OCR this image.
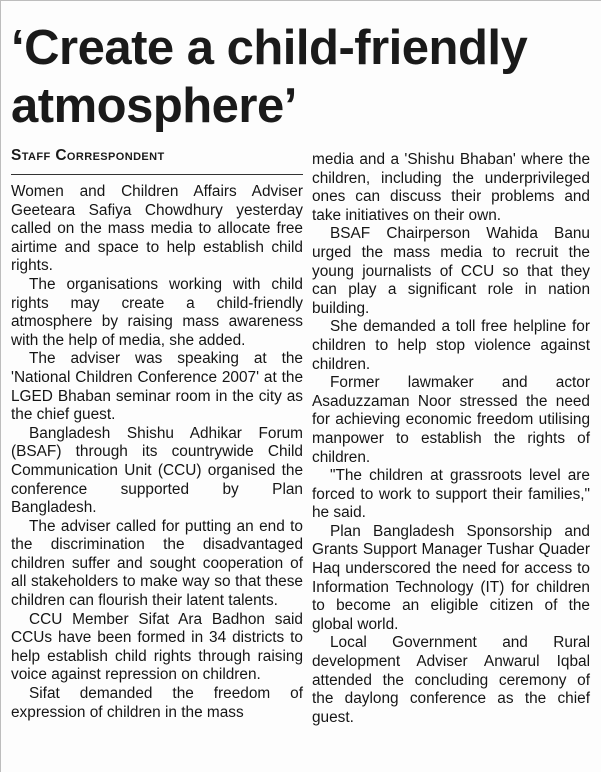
‘Create a child-friendly atmosphere’
Staff Correspondent

Women and Children Affairs Adviser Geeteara Safiya Chowdhury yesterday called on the mass media to allocate free airtime and space to help establish child rights.

The organisations working with child rights may create a child-friendly atmosphere by raising mass awareness with the help of media, she added.

The adviser was speaking at the 'National Children Conference 2007' at the LGED Bhaban seminar room in the city as the chief guest.

Bangladesh Shishu Adhikar Forum (BSAF) through its countrywide Child Communication Unit (CCU) organised the conference supported by Plan Bangladesh.

The adviser called for putting an end to the discrimination the disadvantaged children suffer and sought cooperation of all stakeholders to make way so that these children can flourish their latent talents.

CCU Member Sifat Ara Badhon said CCUs have been formed in 34 districts to help establish child rights through raising voice against repression on children.

Sifat demanded the freedom of expression of children in the mass

media and a 'Shishu Bhaban' where the children, including the underprivileged ones can discuss their problems and take initiatives on their own.

BSAF Chairperson Wahida Banu urged the mass media to recruit the young journalists of CCU so that they can play a significant role in nation building.

She demanded a toll free helpline for children to help stop violence against children.

Former lawmaker and actor Asaduzzaman Noor stressed the need for achieving economic freedom utilising manpower to establish the rights of children.

"The children at grassroots level are forced to work to support their families," he said.

Plan Bangladesh Sponsorship and Grants Support Manager Tushar Quader Haq underscored the need for access to Information Technology (IT) for children to become an eligible citizen of the global world.

Local Government and Rural development Adviser Anwarul Iqbal attended the concluding ceremony of the daylong conference as the chief guest.
